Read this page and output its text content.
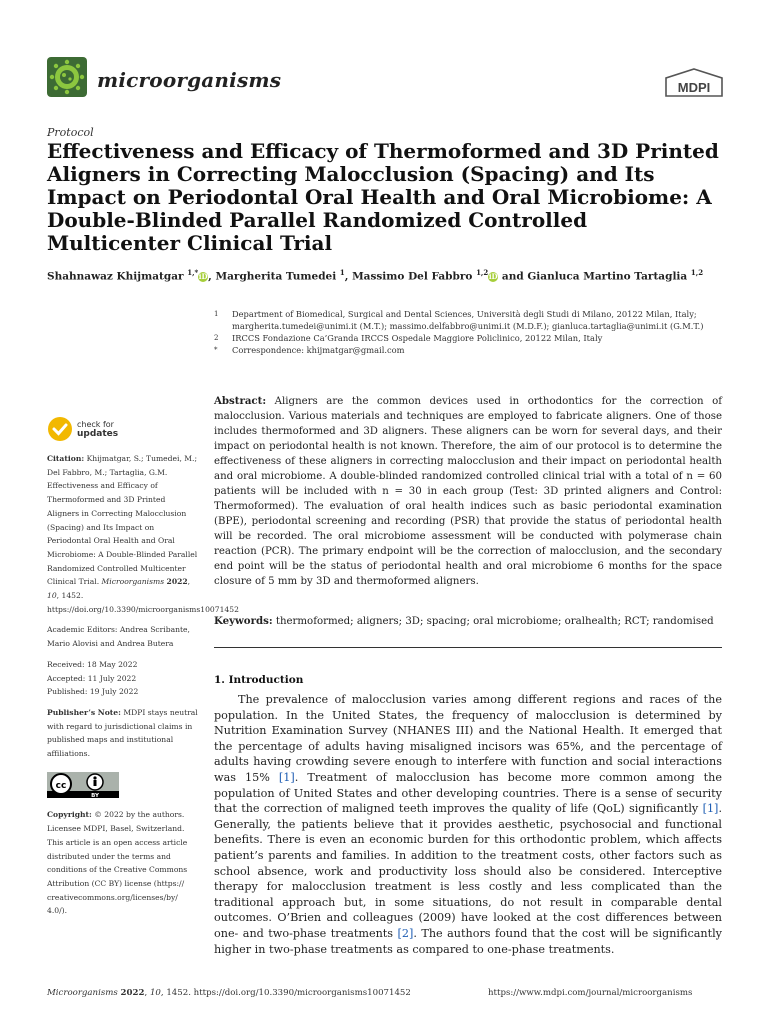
microorganisms	MDPI
Protocol
Effectiveness and Efficacy of Thermoformed and 3D Printed Aligners in Correcting Malocclusion (Spacing) and Its Impact on Periodontal Oral Health and Oral Microbiome: A Double-Blinded Parallel Randomized Controlled Multicenter Clinical Trial
Shahnawaz Khijmatgar $^{1,*}$iD, Margherita Tumedei $^1$, Massimo Del Fabbro $^{1,2}$iD and Gianluca Martino Tartaglia $^{1,2}$
1	Department of Biomedical, Surgical and Dental Sciences, Università degli Studi di Milano, 20122 Milan, Italy; margherita.tumedei@unimi.it (M.T.); massimo.delfabbro@unimi.it (M.D.F.); gianluca.tartaglia@unimi.it (G.M.T.)
2	IRCCS Fondazione Ca’Granda IRCCS Ospedale Maggiore Policlinico, 20122 Milan, Italy
*	Correspondence: khijmatgar@gmail.com
check for
updates
Citation: Khijmatgar, S.; Tumedei, M.; Del Fabbro, M.; Tartaglia, G.M. Effectiveness and Efficacy of Thermoformed and 3D Printed Aligners in Correcting Malocclusion (Spacing) and Its Impact on Periodontal Oral Health and Oral Microbiome: A Double-Blinded Parallel Randomized Controlled Multicenter Clinical Trial. Microorganisms 2022, 10, 1452. https://doi.org/10.3390/microorganisms10071452
Academic Editors: Andrea Scribante, Mario Alovisi and Andrea Butera
Received: 18 May 2022
Accepted: 11 July 2022
Published: 19 July 2022
Publisher’s Note: MDPI stays neutral with regard to jurisdictional claims in published maps and institutional affiliations.
cc
BY
Copyright: © 2022 by the authors. Licensee MDPI, Basel, Switzerland. This article is an open access article distributed under the terms and conditions of the Creative Commons Attribution (CC BY) license (https:// creativecommons.org/licenses/by/ 4.0/).
Abstract: Aligners are the common devices used in orthodontics for the correction of malocclusion. Various materials and techniques are employed to fabricate aligners. One of those includes thermoformed and 3D aligners. These aligners can be worn for several days, and their impact on periodontal health is not known. Therefore, the aim of our protocol is to determine the effectiveness of these aligners in correcting malocclusion and their impact on periodontal health and oral microbiome. A double-blinded randomized controlled clinical trial with a total of n = 60 patients will be included with n = 30 in each group (Test: 3D printed aligners and Control: Thermoformed). The evaluation of oral health indices such as basic periodontal examination (BPE), periodontal screening and recording (PSR) that provide the status of periodontal health will be recorded. The oral microbiome assessment will be conducted with polymerase chain reaction (PCR). The primary endpoint will be the correction of malocclusion, and the secondary end point will be the status of periodontal health and oral microbiome 6 months for the space closure of 5 mm by 3D and thermoformed aligners.
Keywords: thermoformed; aligners; 3D; spacing; oral microbiome; oralhealth; RCT; randomised
1. Introduction
The prevalence of malocclusion varies among different regions and races of the population. In the United States, the frequency of malocclusion is determined by Nutrition Examination Survey (NHANES III) and the National Health. It emerged that the percentage of adults having misaligned incisors was 65%, and the percentage of adults having crowding severe enough to interfere with function and social interactions was 15% [1]. Treatment of malocclusion has become more common among the population of United States and other developing countries. There is a sense of security that the correction of maligned teeth improves the quality of life (QoL) significantly [1]. Generally, the patients believe that it provides aesthetic, psychosocial and functional benefits. There is even an economic burden for this orthodontic problem, which affects patient’s parents and families. In addition to the treatment costs, other factors such as school absence, work and productivity loss should also be considered. Interceptive therapy for malocclusion treatment is less costly and less complicated than the traditional approach but, in some situations, do not result in comparable dental outcomes. O’Brien and colleagues (2009) have looked at the cost differences between one- and two-phase treatments [2]. The authors found that the cost will be significantly higher in two-phase treatments as compared to one-phase treatments.
Microorganisms 2022, 10, 1452. https://doi.org/10.3390/microorganisms10071452	https://www.mdpi.com/journal/microorganisms
